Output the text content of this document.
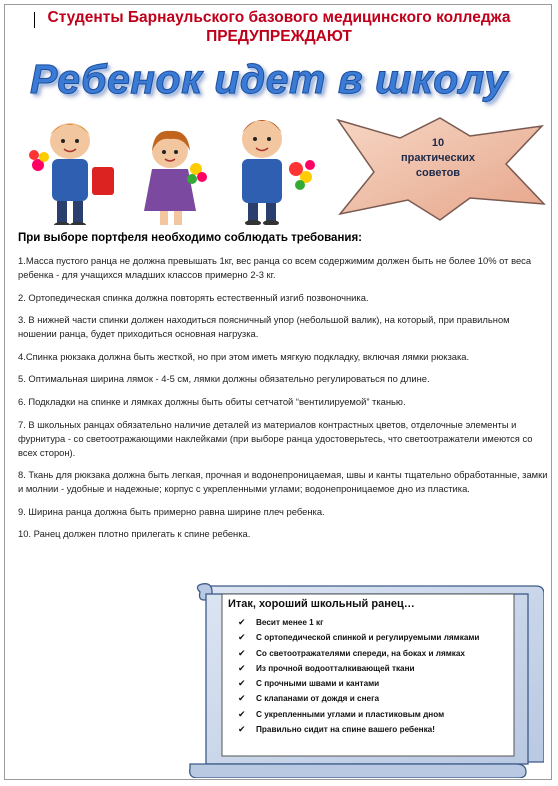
Студенты Барнаульского базового медицинского колледжа
ПРЕДУПРЕЖДАЮТ
Ребенок идет в школу
10
практических
советов
При выборе портфеля необходимо соблюдать требования:

1.Масса пустого ранца не должна превышать 1кг, вес ранца со всем содержимим должен быть не более 10% от веса ребенка - для учащихся младших классов примерно 2-3 кг.

2. Ортопедическая спинка должна повторять естественный изгиб позвоночника.

3. В нижней части спинки должен находиться поясничный упор (небольшой валик), на который, при правильном ношении ранца, будет приходиться основная нагрузка.

4.Спинка рюкзака должна быть жесткой, но при этом иметь мягкую подкладку, включая лямки рюкзака.

5. Оптимальная ширина лямок - 4-5 см, лямки должны обязательно регулироваться по длине.

6. Подкладки на спинке и лямках должны быть обиты сетчатой “вентилируемой” тканью.

7. В школьных ранцах обязательно наличие деталей из материалов контрастных цветов, отделочные элементы и фурнитура - со светоотражающими наклейками (при выборе ранца удостоверьтесь, что светоотражатели имеются со всех сторон).

8. Ткань для рюкзака должна быть легкая, прочная и водонепроницаемая, швы и канты тщательно обработанные, замки и молнии - удобные и надежные; корпус с укрепленными углами; водонепроницаемое дно из пластика.

9. Ширина ранца должна быть примерно равна ширине плеч ребенка.

10. Ранец должен плотно прилегать к спине ребенка.

Итак, хороший школьный ранец…
✔	Весит менее 1 кг
✔	С ортопедической спинкой и регулируемыми лямками
✔	Со светоотражателями спереди, на боках и лямках
✔	Из прочной водоотталкивающей ткани
✔	С прочными швами и кантами
✔	С клапанами от дождя и снега
✔	С укрепленными углами и пластиковым дном
✔	Правильно сидит на спине вашего ребенка!
